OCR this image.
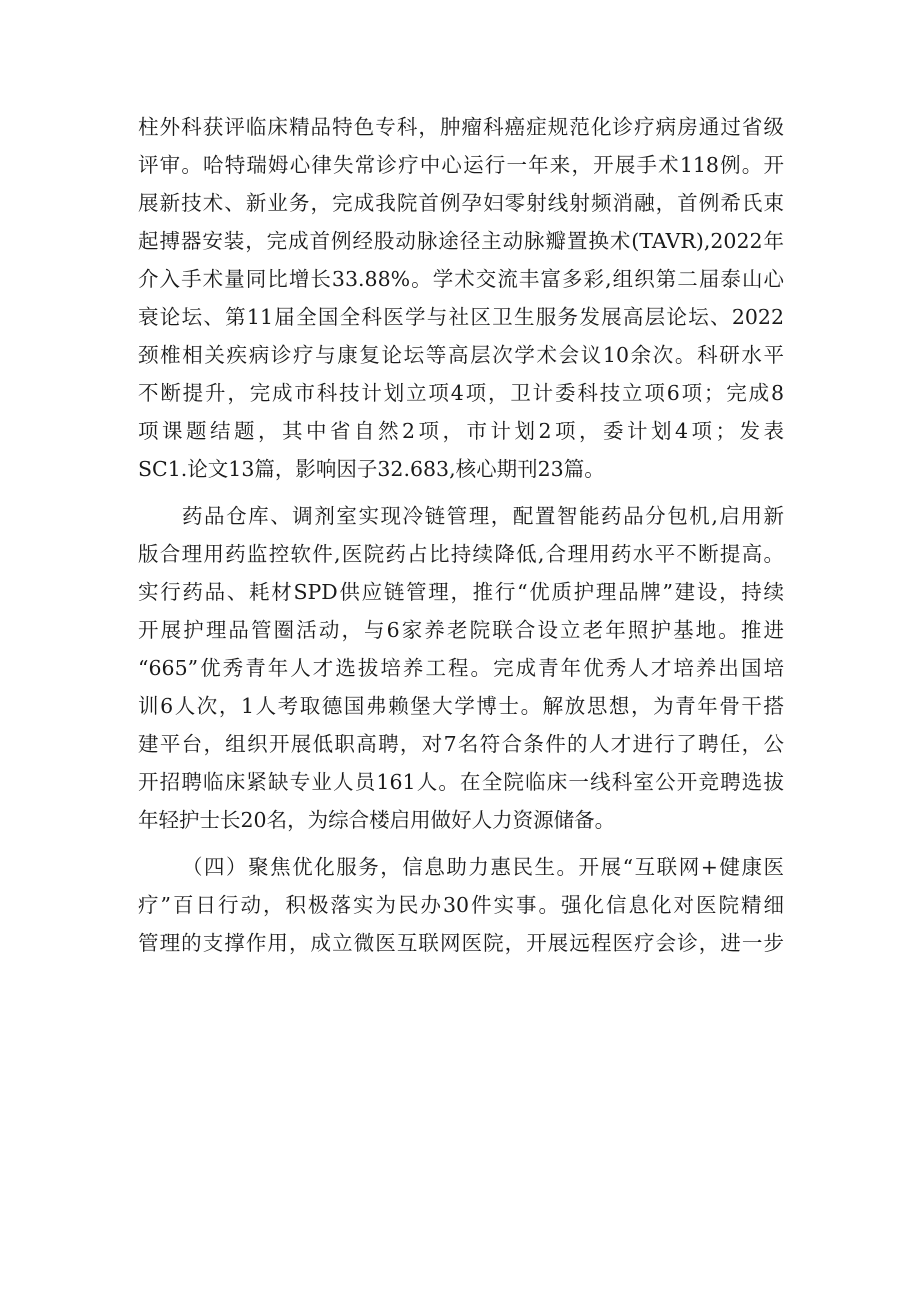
柱外科获评临床精品特色专科，肿瘤科癌症规范化诊疗病房通过省级
评审。哈特瑞姆心律失常诊疗中心运行一年来，开展手术118例。开
展新技术、新业务，完成我院首例孕妇零射线射频消融，首例希氏束
起搏器安装，完成首例经股动脉途径主动脉瓣置换术(TAVR),2022年
介入手术量同比增长33.88%。学术交流丰富多彩,组织第二届泰山心
衰论坛、第11届全国全科医学与社区卫生服务发展高层论坛、2022
颈椎相关疾病诊疗与康复论坛等高层次学术会议10余次。科研水平
不断提升，完成市科技计划立项4项，卫计委科技立项6项；完成8
项课题结题，其中省自然2项，市计划2项，委计划4项；发表
SC1.论文13篇，影响因子32.683,核心期刊23篇。
药品仓库、调剂室实现冷链管理，配置智能药品分包机,启用新
版合理用药监控软件,医院药占比持续降低,合理用药水平不断提高。
实行药品、耗材SPD供应链管理，推行“优质护理品牌”建设，持续
开展护理品管圈活动，与6家养老院联合设立老年照护基地。推进
“665”优秀青年人才选拔培养工程。完成青年优秀人才培养出国培
训6人次，1人考取德国弗赖堡大学博士。解放思想，为青年骨干搭
建平台，组织开展低职高聘，对7名符合条件的人才进行了聘任，公
开招聘临床紧缺专业人员161人。在全院临床一线科室公开竞聘选拔
年轻护士长20名，为综合楼启用做好人力资源储备。
（四）聚焦优化服务，信息助力惠民生。开展“互联网+健康医
疗”百日行动，积极落实为民办30件实事。强化信息化对医院精细
管理的支撑作用，成立微医互联网医院，开展远程医疗会诊，进一步
